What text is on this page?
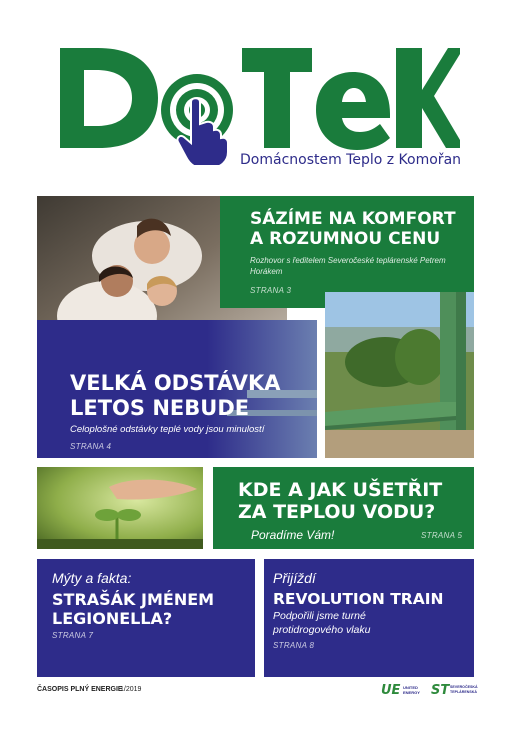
Domácnostem Teplo z Komořan
SÁZÍME NA KOMFORT
A ROZUMNOU CENU
Rozhovor s ředitelem Severočeské teplárenské Petrem Horákem
STRANA 3
VELKÁ ODSTÁVKA
LETOS NEBUDE
Celoplošné odstávky teplé vody jsou minulostí
STRANA 4
KDE A JAK UŠETŘIT
ZA TEPLOU VODU?
Poradíme Vám!	STRANA 5
Mýty a fakta:
STRAŠÁK JMÉNEM
LEGIONELLA?
STRANA 7
Přijíždí
REVOLUTION TRAIN
Podpořili jsme turné
protidrogového vlaku
STRANA 8
ČASOPIS PLNÝ ENERGIE
1/2019	UE UNITED
ENERGY ST SEVEROČESKÁ
TEPLÁRENSKÁ
